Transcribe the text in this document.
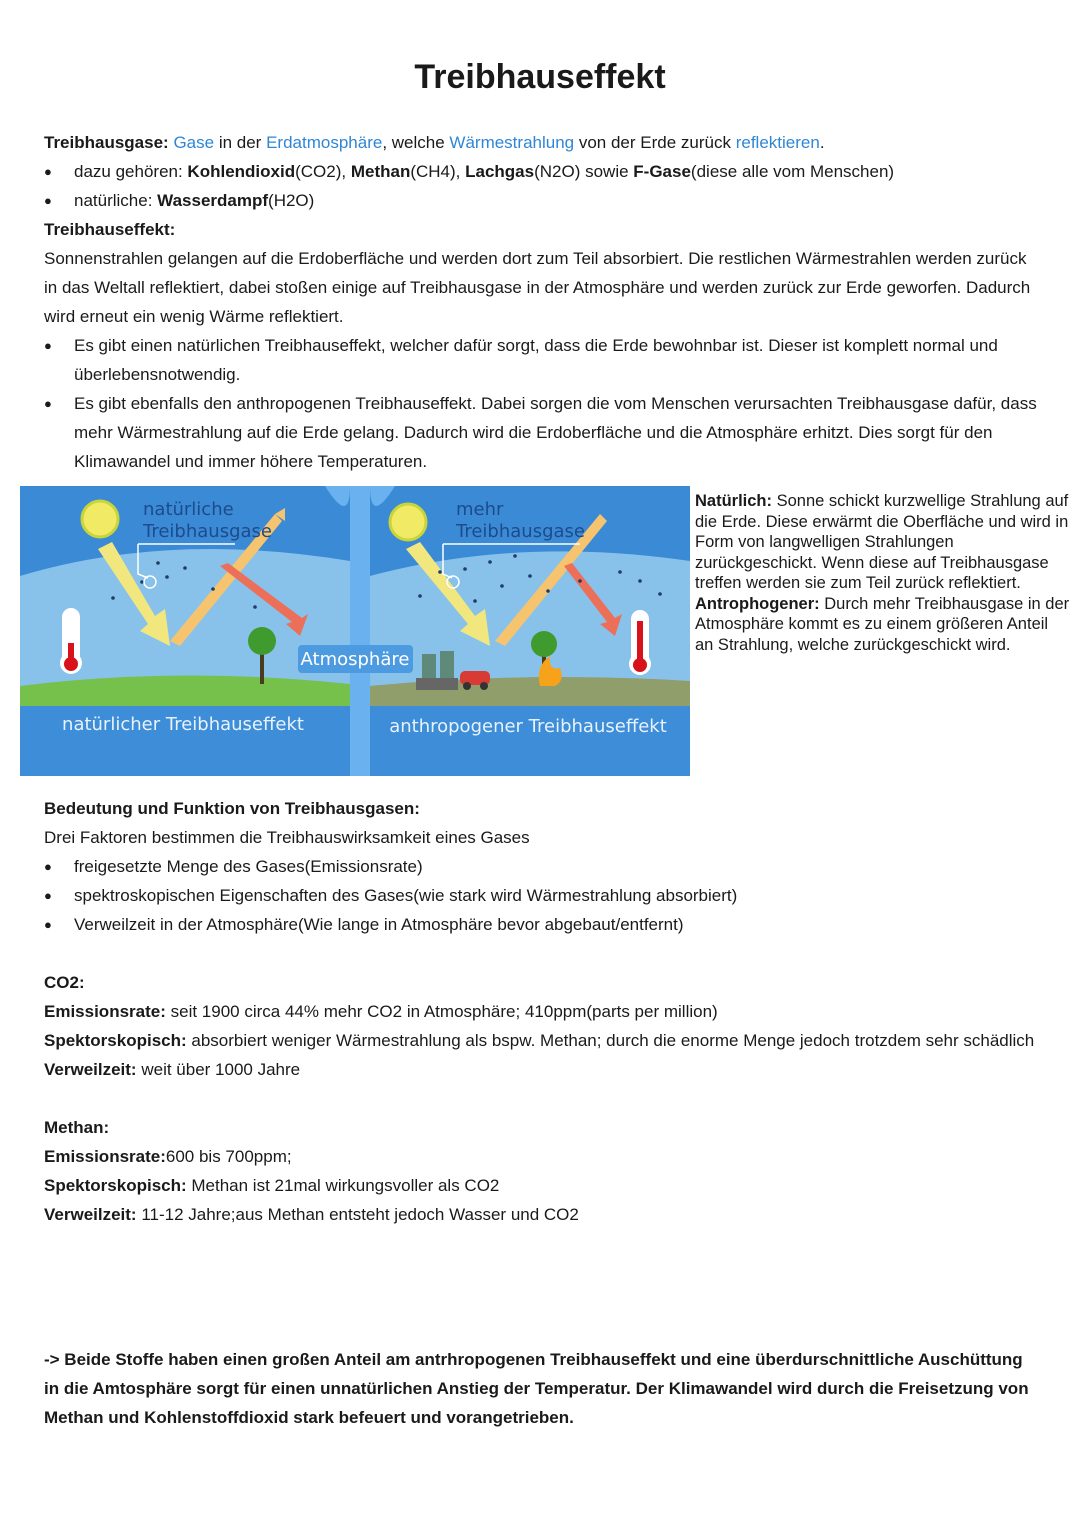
Treibhauseffekt

Treibhausgase: Gase in der Erdatmosphäre, welche Wärmestrahlung von der Erde zurück reflektieren.

● dazu gehören: Kohlendioxid(CO2), Methan(CH4), Lachgas(N2O) sowie F-Gase(diese alle vom Menschen)
● natürliche: Wasserdampf(H2O)

Treibhauseffekt:

Sonnenstrahlen gelangen auf die Erdoberfläche und werden dort zum Teil absorbiert. Die restlichen Wärmestrahlen werden zurück in das Weltall reflektiert, dabei stoßen einige auf Treibhausgase in der Atmosphäre und werden zurück zur Erde geworfen. Dadurch wird erneut ein wenig Wärme reflektiert.

● Es gibt einen natürlichen Treibhauseffekt, welcher dafür sorgt, dass die Erde bewohnbar ist. Dieser ist komplett normal und überlebensnotwendig.
● Es gibt ebenfalls den anthropogenen Treibhauseffekt. Dabei sorgen die vom Menschen verursachten Treibhausgase dafür, dass mehr Wärmestrahlung auf die Erde gelang. Dadurch wird die Erdoberfläche und die Atmosphäre erhitzt. Dies sorgt für den Klimawandel und immer höhere Temperaturen.
natürliche
Treibhausgase
mehr
Treibhausgase
Atmosphäre
natürlicher Treibhauseffekt	anthropogener Treibhauseffekt

Natürlich: Sonne schickt kurzwellige Strahlung auf die Erde. Diese erwärmt die Oberfläche und wird in Form von langwelligen Strahlungen zurückgeschickt. Wenn diese auf Treibhausgase treffen werden sie zum Teil zurück reflektiert.

Antrophogener: Durch mehr Treibhausgase in der Atmosphäre kommt es zu einem größeren Anteil an Strahlung, welche zurückgeschickt wird.

Bedeutung und Funktion von Treibhausgasen:

Drei Faktoren bestimmen die Treibhauswirksamkeit eines Gases

● freigesetzte Menge des Gases(Emissionsrate)
● spektroskopischen Eigenschaften des Gases(wie stark wird Wärmestrahlung absorbiert)
● Verweilzeit in der Atmosphäre(Wie lange in Atmosphäre bevor abgebaut/entfernt)

CO2:

Emissionsrate: seit 1900 circa 44% mehr CO2 in Atmosphäre; 410ppm(parts per million)

Spektorskopisch: absorbiert weniger Wärmestrahlung als bspw. Methan; durch die enorme Menge jedoch trotzdem sehr schädlich

Verweilzeit: weit über 1000 Jahre

Methan:

Emissionsrate:600 bis 700ppm;

Spektorskopisch: Methan ist 21mal wirkungsvoller als CO2

Verweilzeit: 11-12 Jahre;aus Methan entsteht jedoch Wasser und CO2

-> Beide Stoffe haben einen großen Anteil am antrhropogenen Treibhauseffekt und eine überdurschnittliche Auschüttung in die Amtosphäre sorgt für einen unnatürlichen Anstieg der Temperatur. Der Klimawandel wird durch die Freisetzung von Methan und Kohlenstoffdioxid stark befeuert und vorangetrieben.
